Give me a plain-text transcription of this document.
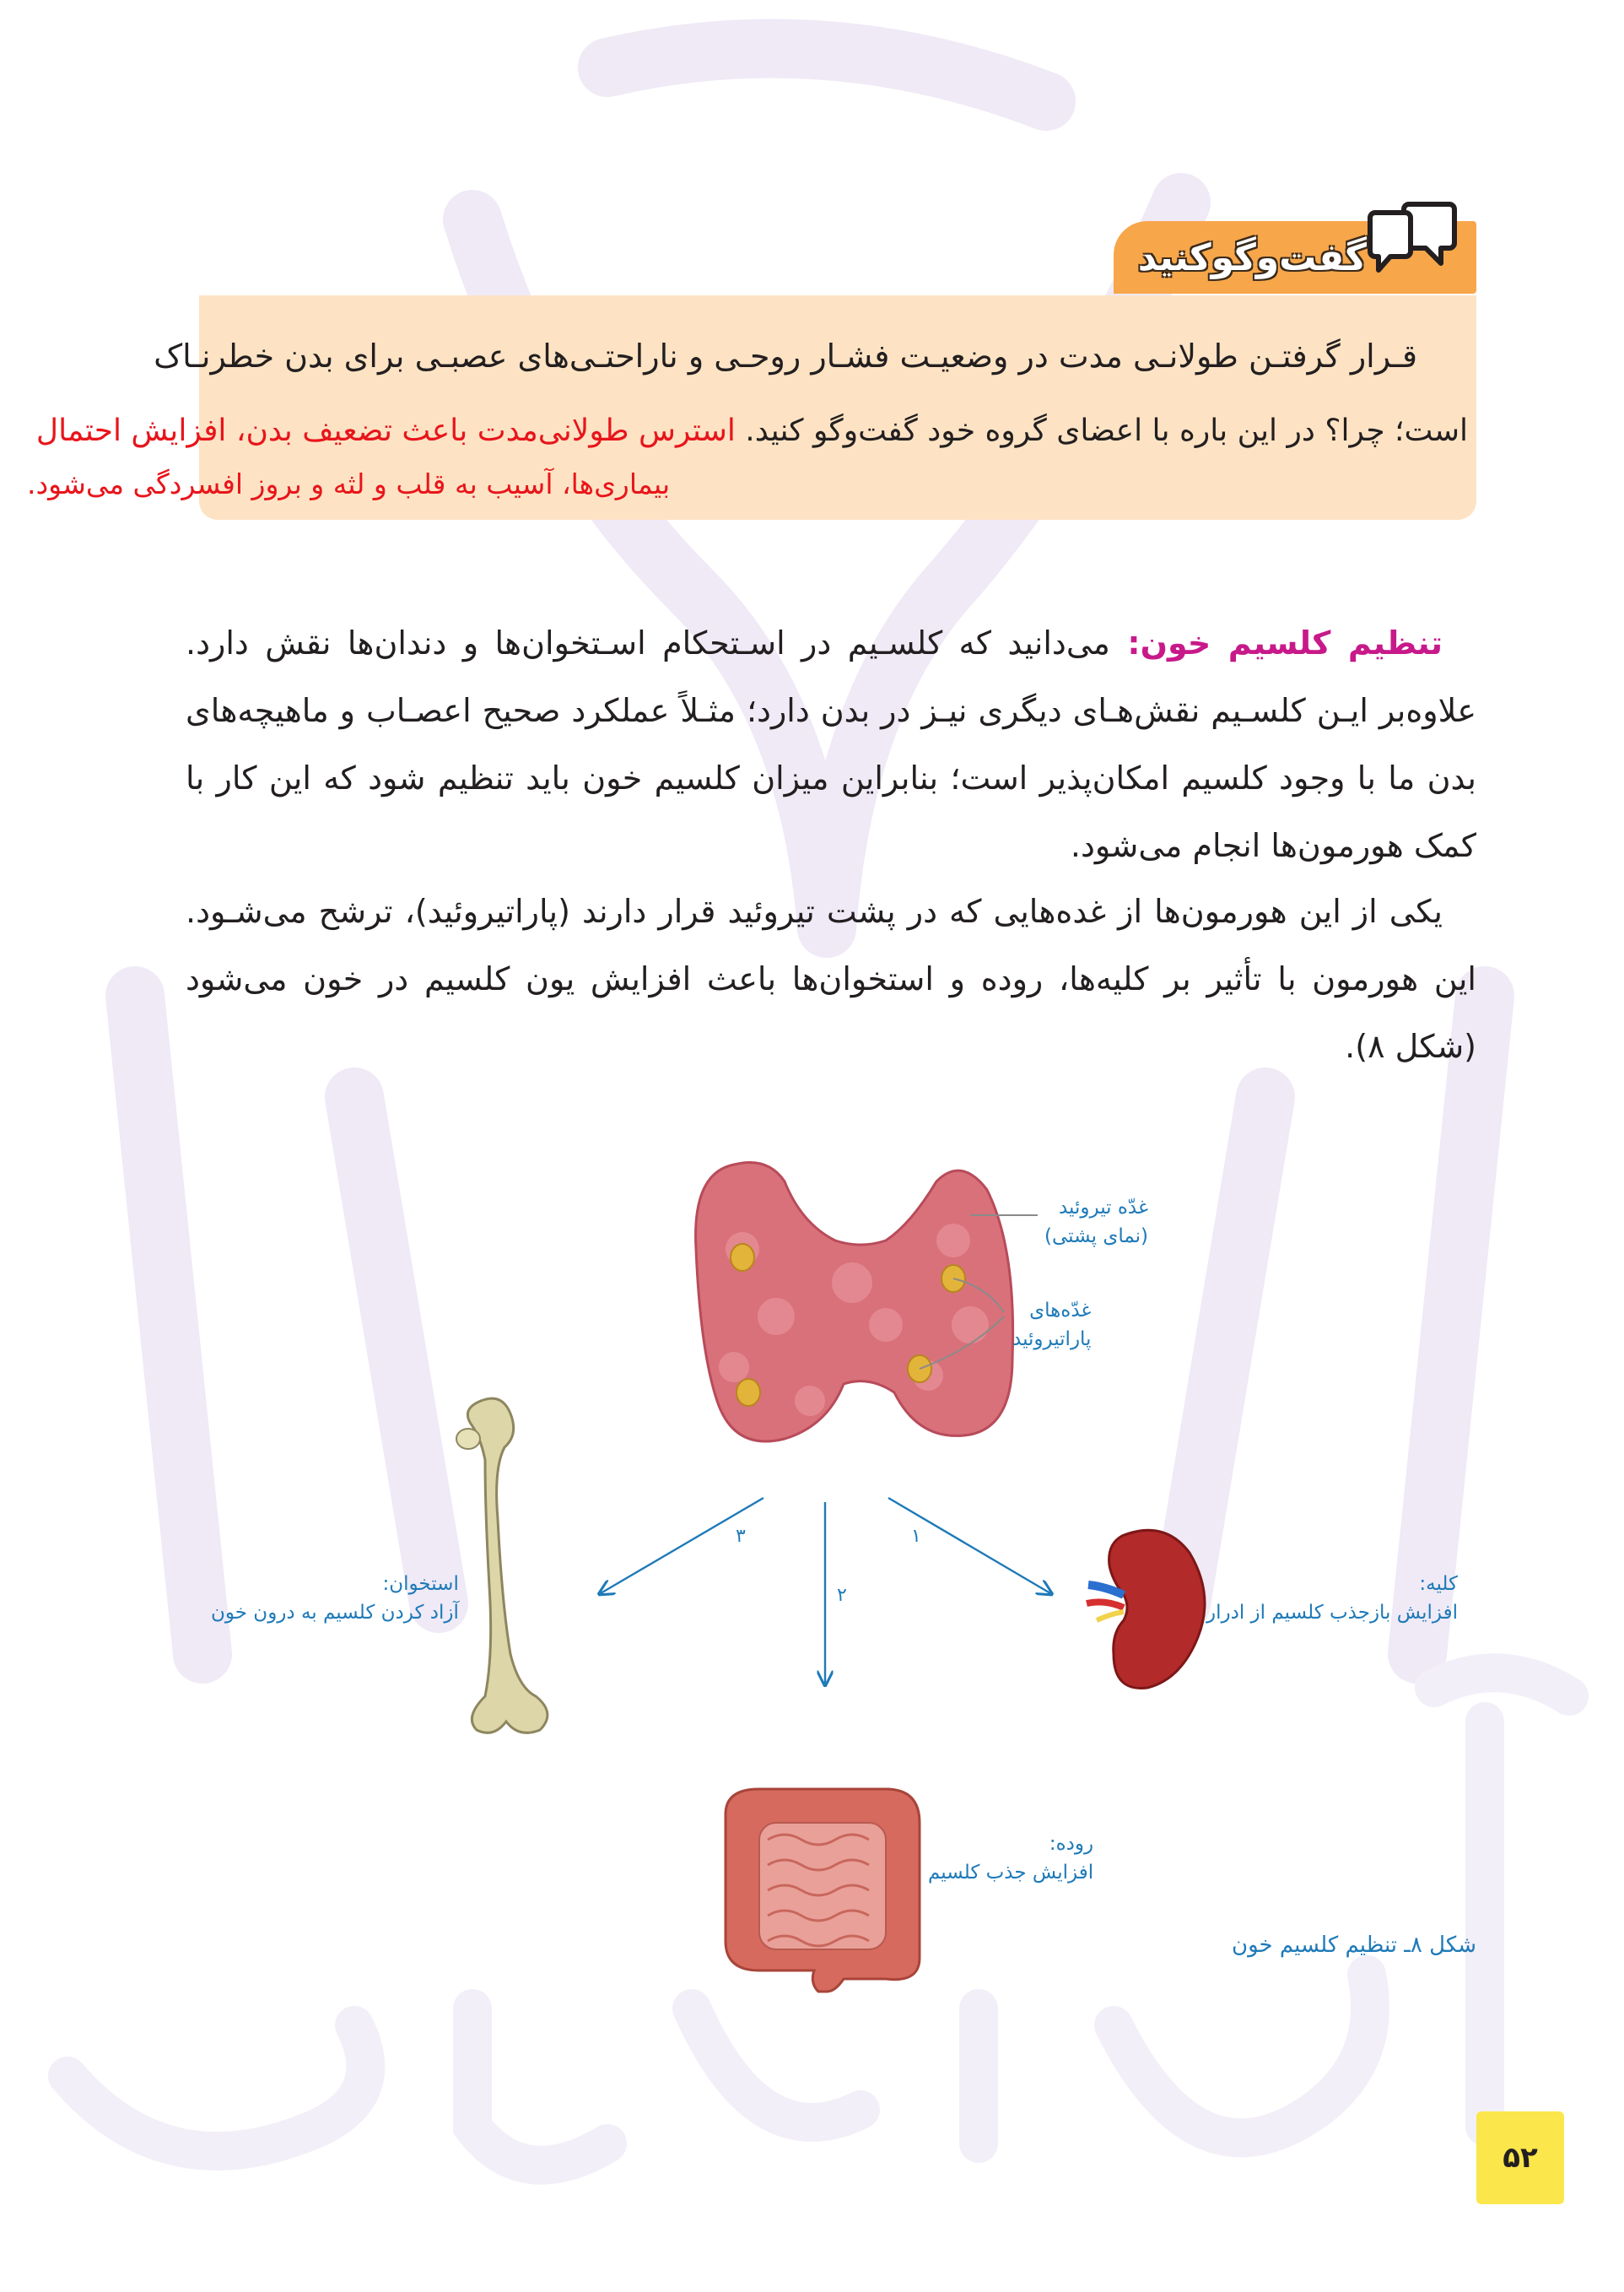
آسان درس
گفت‌وگوکنید
قـرار گرفتـن طولانـی مدت در وضعیـت فشـار روحـی و ناراحتـی‌های عصبـی برای بدن خطرنـاک
است؛ چرا؟ در این باره با اعضای گروه خود گفت‌وگو کنید. استرس طولانی‌مدت باعث تضعیف بدن، افزایش احتمال
بیماری‌ها، آسیب به قلب و لثه و بروز افسردگی می‌شود.

تنظیم کلسیم خون: می‌دانید که کلسـیم در اسـتحکام اسـتخوان‌ها و دندان‌ها نقش دارد. علاوه‌بر ایـن کلسـیم نقش‌هـای دیگری نیـز در بدن دارد؛ مثـلاً عملکرد صحیح اعصـاب و ماهیچه‌های بدن ما با وجود کلسیم امکان‌پذیر است؛ بنابراین میزان کلسیم خون باید تنظیم شود که این کار با کمک هورمون‌ها انجام می‌شود.

یکی از این هورمون‌ها از غده‌هایی که در پشت تیروئید قرار دارند (پاراتیروئید)، ترشح می‌شـود. این هورمون با تأثیر بر کلیه‌ها، روده و استخوان‌ها باعث افزایش یون کلسیم در خون می‌شود (شکل ٨).

غدّه تیروئید
(نمای پشتی)
غدّه‌های
پاراتیروئید
استخوان:
آزاد کردن کلسیم به درون خون
کلیه:
افزایش بازجذب کلسیم از ادرار
روده:
افزایش جذب کلسیم
١
٢
٣
شکل ٨ـ تنظیم کلسیم خون
۵۲
